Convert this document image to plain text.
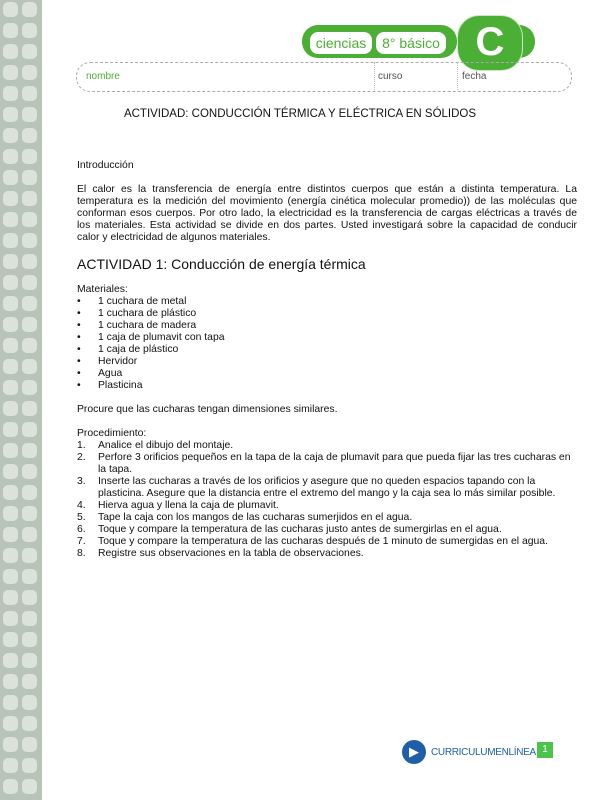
ciencias	8° básico C
nombre	curso	fecha
ACTIVIDAD: CONDUCCIÓN TÉRMICA Y ELÉCTRICA EN SÓLIDOS

Introducción

El calor es la transferencia de energía entre distintos cuerpos que están a distinta temperatura. La temperatura es la medición del movimiento (energía cinética molecular promedio)) de las moléculas que conforman esos cuerpos. Por otro lado, la electricidad es la transferencia de cargas eléctricas a través de los materiales. Esta actividad se divide en dos partes. Usted investigará sobre la capacidad de conducir calor y electricidad de algunos materiales.

ACTIVIDAD 1: Conducción de energía térmica

Materiales:

• 1 cuchara de metal
• 1 cuchara de plástico
• 1 cuchara de madera
• 1 caja de plumavit con tapa
• 1 caja de plástico
• Hervidor
• Agua
• Plasticina

Procure que las cucharas tengan dimensiones similares.

Procedimiento:

1. Analice el dibujo del montaje.
2. Perfore 3 orificios pequeños en la tapa de la caja de plumavit para que pueda fijar las tres cucharas en la tapa.
3. Inserte las cucharas a través de los orificios y asegure que no queden espacios tapando con la plasticina. Asegure que la distancia entre el extremo del mango y la caja sea lo más similar posible.
4. Hierva agua y llena la caja de plumavit.
5. Tape la caja con los mangos de las cucharas sumerjidos en el agua.
6. Toque y compare la temperatura de las cucharas justo antes de sumergirlas en el agua.
7. Toque y compare la temperatura de las cucharas después de 1 minuto de sumergidas en el agua.
8. Registre sus observaciones en la tabla de observaciones.
▶	CURRICULUMENLÍNEA 1
